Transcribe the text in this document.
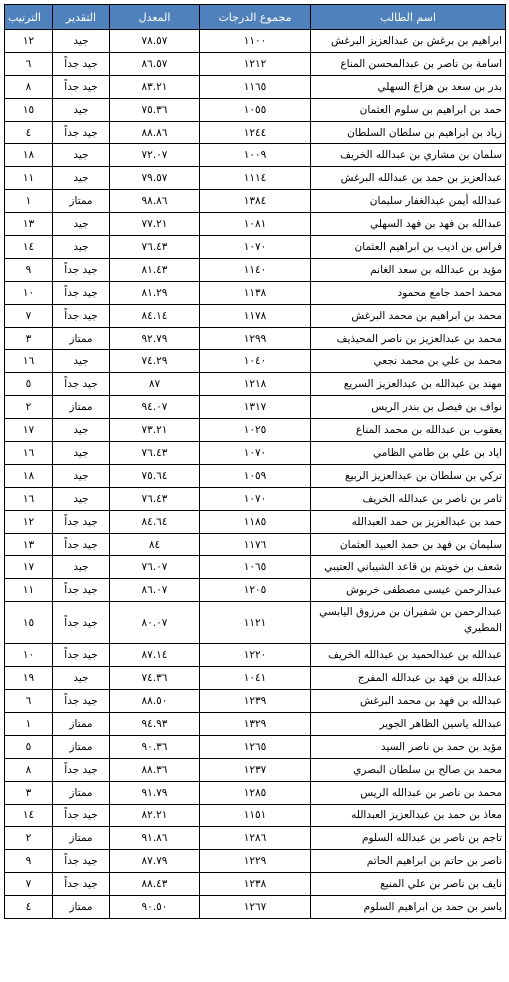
اسم الطالب	مجموع الدرجات	المعدل	التقدير	الترتيب
ابراهيم بن برغش بن عبدالعزيز البرغش	١١٠٠	٧٨.٥٧	جيد	١٢
اسامة بن ناصر بن عبدالمحسن المناع	١٢١٢	٨٦.٥٧	جيد جداً	٦
بدر بن سعد بن هزاع السهلي	١١٦٥	٨٣.٢١	جيد جداً	٨
حمد بن ابراهيم بن سلوم العثمان	١٠٥٥	٧٥.٣٦	جيد	١٥
زياد بن ابراهيم بن سلطان السلطان	١٢٤٤	٨٨.٨٦	جيد جداً	٤
سلمان بن مشاري بن عبدالله الخريف	١٠٠٩	٧٢.٠٧	جيد	١٨
عبدالعزيز بن حمد بن عبدالله البرغش	١١١٤	٧٩.٥٧	جيد	١١
عبدالله أيمن عبدالغفار سليمان	١٣٨٤	٩٨.٨٦	ممتاز	١
عبدالله بن فهد بن فهد السهلي	١٠٨١	٧٧.٢١	جيد	١٣
فراس بن اديب بن ابراهيم العثمان	١٠٧٠	٧٦.٤٣	جيد	١٤
مؤيد بن عبدالله بن سعد الغانم	١١٤٠	٨١.٤٣	جيد جداً	٩
محمد احمد جامع محمود	١١٣٨	٨١.٢٩	جيد جداً	١٠
محمد بن ابراهيم بن محمد البرغش	١١٧٨	٨٤.١٤	جيد جداً	٧
محمد بن عبدالعزيز بن ناصر المحيذيف	١٢٩٩	٩٢.٧٩	ممتاز	٣
محمد بن علي بن محمد نجعي	١٠٤٠	٧٤.٢٩	جيد	١٦
مهند بن عبدالله بن عبدالعزيز السريع	١٢١٨	٨٧	جيد جداً	٥
نواف بن فيصل بن بندر الريس	١٣١٧	٩٤.٠٧	ممتاز	٢
يعقوب بن عبدالله بن محمد المناع	١٠٢٥	٧٣.٢١	جيد	١٧
اياد بن علي بن طامي الظامي	١٠٧٠	٧٦.٤٣	جيد	١٦
تركي بن سلطان بن عبدالعزيز الربيع	١٠٥٩	٧٥.٦٤	جيد	١٨
ثامر بن ناصر بن عبدالله الخريف	١٠٧٠	٧٦.٤٣	جيد	١٦
حمد بن عبدالعزيز بن حمد العبدالله	١١٨٥	٨٤.٦٤	جيد جداً	١٢
سليمان بن فهد بن حمد العبيد العثمان	١١٧٦	٨٤	جيد جداً	١٣
شعف بن خويتم بن قاعد الشيباني العتيبي	١٠٦٥	٧٦.٠٧	جيد	١٧
عبدالرحمن عيسى مصطفى خربوش	١٢٠٥	٨٦.٠٧	جيد جداً	١١
عبدالرحمن بن شفيران بن مرزوق اليابسي المطيري	١١٢١	٨٠.٠٧	جيد جداً	١٥
عبدالله بن عبدالحميد بن عبدالله الخريف	١٢٢٠	٨٧.١٤	جيد جداً	١٠
عبدالله بن فهد بن عبدالله المفرج	١٠٤١	٧٤.٣٦	جيد	١٩
عبدالله بن فهد بن محمد البرغش	١٢٣٩	٨٨.٥٠	جيد جداً	٦
عبدالله ياسين الظاهر الجوير	١٣٢٩	٩٤.٩٣	ممتاز	١
مؤيد بن حمد بن ناصر السيد	١٢٦٥	٩٠.٣٦	ممتاز	٥
محمد بن صالح بن سلطان البصري	١٢٣٧	٨٨.٣٦	جيد جداً	٨
محمد بن ناصر بن عبدالله الريس	١٢٨٥	٩١.٧٩	ممتاز	٣
معاذ بن حمد بن عبدالعزيز العبدالله	١١٥١	٨٢.٢١	جيد جداً	١٤
تاجم بن ناصر بن عبدالله السلوم	١٢٨٦	٩١.٨٦	ممتاز	٢
ناصر بن حاتم بن ابراهيم الحاتم	١٢٢٩	٨٧.٧٩	جيد جداً	٩
نايف بن ناصر بن علي المنيع	١٢٣٨	٨٨.٤٣	جيد جداً	٧
ياسر بن حمد بن ابراهيم السلوم	١٢٦٧	٩٠.٥٠	ممتاز	٤
